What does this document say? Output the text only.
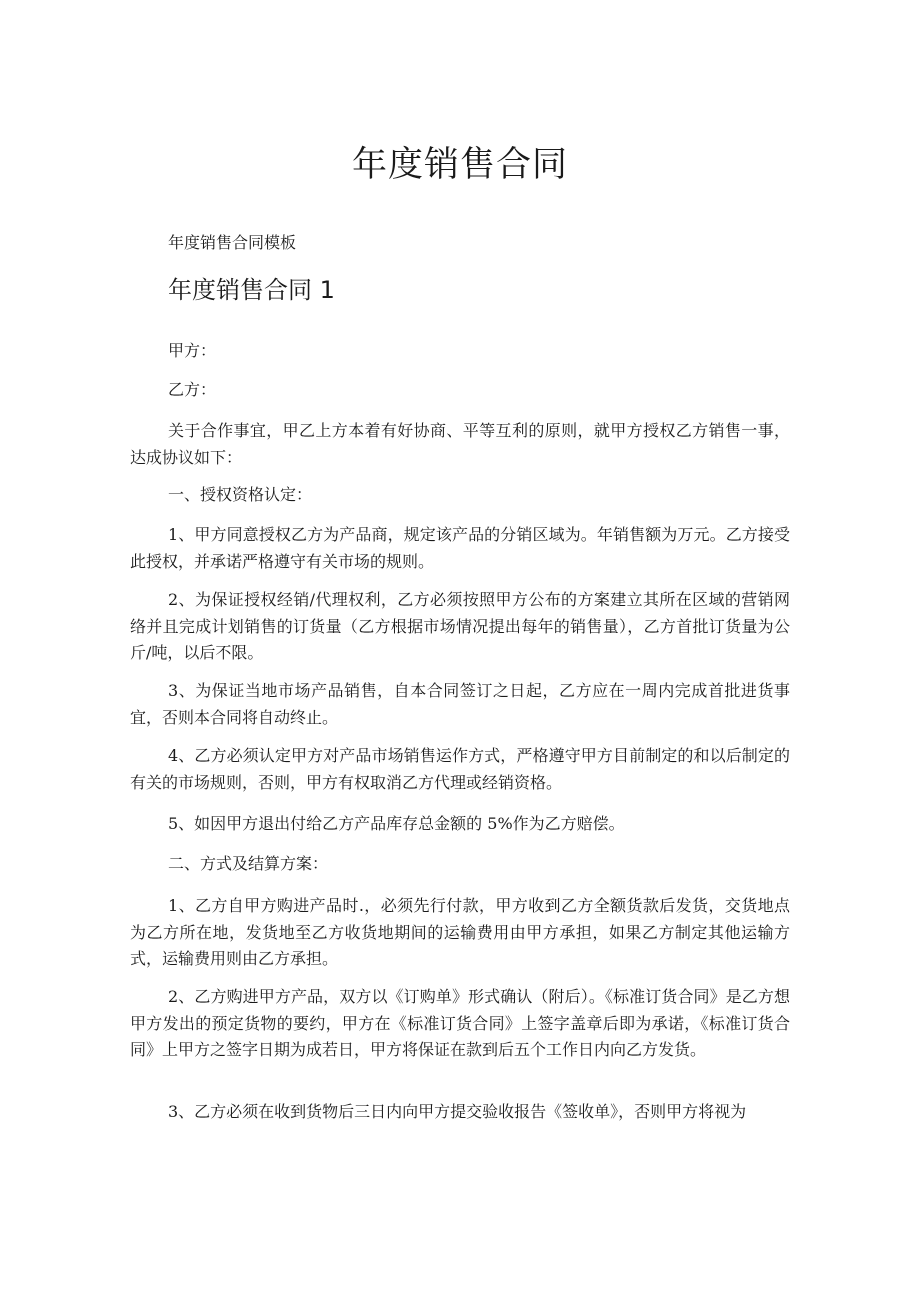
年度销售合同
年度销售合同模板
年度销售合同 1

甲方：

乙方：

关于合作事宜，甲乙上方本着有好协商、平等互利的原则，就甲方授权乙方销售一事，达成协议如下：

一、授权资格认定：

1、甲方同意授权乙方为产品商，规定该产品的分销区域为。年销售额为万元。乙方接受此授权，并承诺严格遵守有关市场的规则。

2、为保证授权经销/代理权利，乙方必须按照甲方公布的方案建立其所在区域的营销网络并且完成计划销售的订货量（乙方根据市场情况提出每年的销售量），乙方首批订货量为公斤/吨，以后不限。

3、为保证当地市场产品销售，自本合同签订之日起，乙方应在一周内完成首批进货事宜，否则本合同将自动终止。

4、乙方必须认定甲方对产品市场销售运作方式，严格遵守甲方目前制定的和以后制定的有关的市场规则，否则，甲方有权取消乙方代理或经销资格。

5、如因甲方退出付给乙方产品库存总金额的 5%作为乙方赔偿。

二、方式及结算方案：

1、乙方自甲方购进产品时.，必须先行付款，甲方收到乙方全额货款后发货，交货地点为乙方所在地，发货地至乙方收货地期间的运输费用由甲方承担，如果乙方制定其他运输方式，运输费用则由乙方承担。

2、乙方购进甲方产品，双方以《订购单》形式确认（附后）。《标准订货合同》是乙方想甲方发出的预定货物的要约，甲方在《标准订货合同》上签字盖章后即为承诺，《标准订货合同》上甲方之签字日期为成若日，甲方将保证在款到后五个工作日内向乙方发货。

3、乙方必须在收到货物后三日内向甲方提交验收报告《签收单》，否则甲方将视为
